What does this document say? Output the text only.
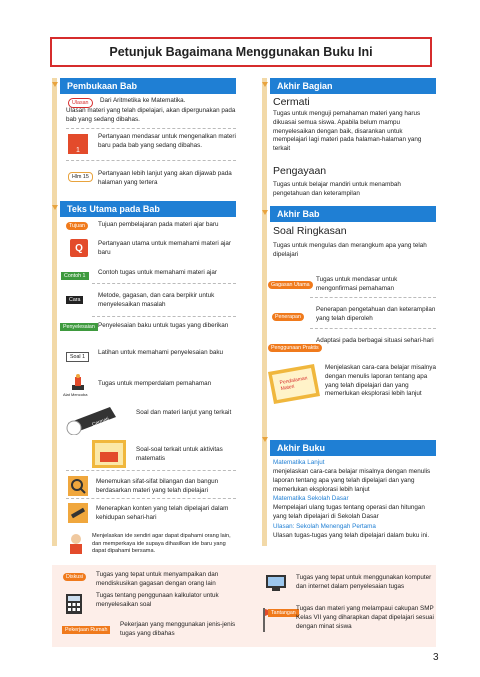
Petunjuk Bagaimana Menggunakan Buku Ini
Pembukaan Bab
Ulasan	Dari Aritmetika ke Matematika.
Ulasan materi yang telah dipelajari, akan dipergunakan pada bab yang sedang dibahas.
1
Pertanyaan mendasar untuk mengenalkan materi baru pada bab yang sedang dibahas.
Hlm 15	Pertanyaan lebih lanjut yang akan dijawab pada halaman yang tertera
Teks Utama pada Bab
Tujuan	Tujuan pembelajaran pada materi ajar baru
Q Pertanyaan utama untuk memahami materi ajar baru
Contoh 1	Contoh tugas untuk memahami materi ajar
Cara
Metode, gagasan, dan cara berpikir untuk menyelesaikan masalah
Penyelesaian Penyelesaian baku untuk tugas yang diberikan
Soal 1
Latihan untuk memahami penyelesaian baku
Alat Mencoba
Tugas untuk memperdalam pemahaman
Cermati
Soal dan materi lanjut yang terkait
Soal-soal terkait untuk aktivitas matematis
Menemukan sifat-sifat bilangan dan bangun berdasarkan materi yang telah dipelajari
Menerapkan konten yang telah dipelajari dalam kehidupan sehari-hari
Menjelaskan ide sendiri agar dapat dipahami orang lain, dan memperkaya ide supaya dihasilkan ide baru yang dapat dipahami bersama.
Akhir Bagian
Cermati
Tugas untuk menguji pemahaman materi yang harus dikuasai semua siswa. Apabila belum mampu menyelesaikan dengan baik, disarankan untuk mempelajari lagi materi pada halaman-halaman yang terkait
Pengayaan
Tugas untuk belajar mandiri untuk menambah pengetahuan dan keterampilan
Akhir Bab
Soal Ringkasan
Tugas untuk mengulas dan merangkum apa yang telah dipelajari
Gagasan Utama
Tugas untuk mendasar untuk mengonfirmasi pemahaman
Penerapan
Penerapan pengetahuan dan keterampilan yang telah diperoleh
Penggunaan Praktis
Adaptasi pada berbagai situasi sehari-hari
Pendalaman Materi
Menjelaskan cara-cara belajar misalnya dengan menulis laporan tentang apa yang telah dipelajari dan yang memerlukan eksplorasi lebih lanjut
Akhir Buku
Matematika Lanjut
menjelaskan cara-cara belajar misalnya dengan menulis laporan tentang apa yang telah dipelajari dan yang memerlukan eksplorasi lebih lanjut
Matematika Sekolah Dasar
Mempelajari ulang tugas tentang operasi dan hitungan yang telah dipelajari di Sekolah Dasar
Ulasan: Sekolah Menengah Pertama
Ulasan tugas-tugas yang telah dipelajari dalam buku ini.
Diskusi	Tugas yang tepat untuk menyampaikan dan mendiskusikan gagasan dengan orang lain
Tugas tentang penggunaan kalkulator untuk menyelesaikan soal
Pekerjaan Rumah
Pekerjaan yang menggunakan jenis-jenis tugas yang dibahas
Tugas yang tepat untuk menggunakan komputer dan internet dalam penyelesaian tugas
Tantangan
Tugas dan materi yang melampaui cakupan SMP Kelas VII yang diharapkan dapat dipelajari sesuai dengan minat siswa
3
